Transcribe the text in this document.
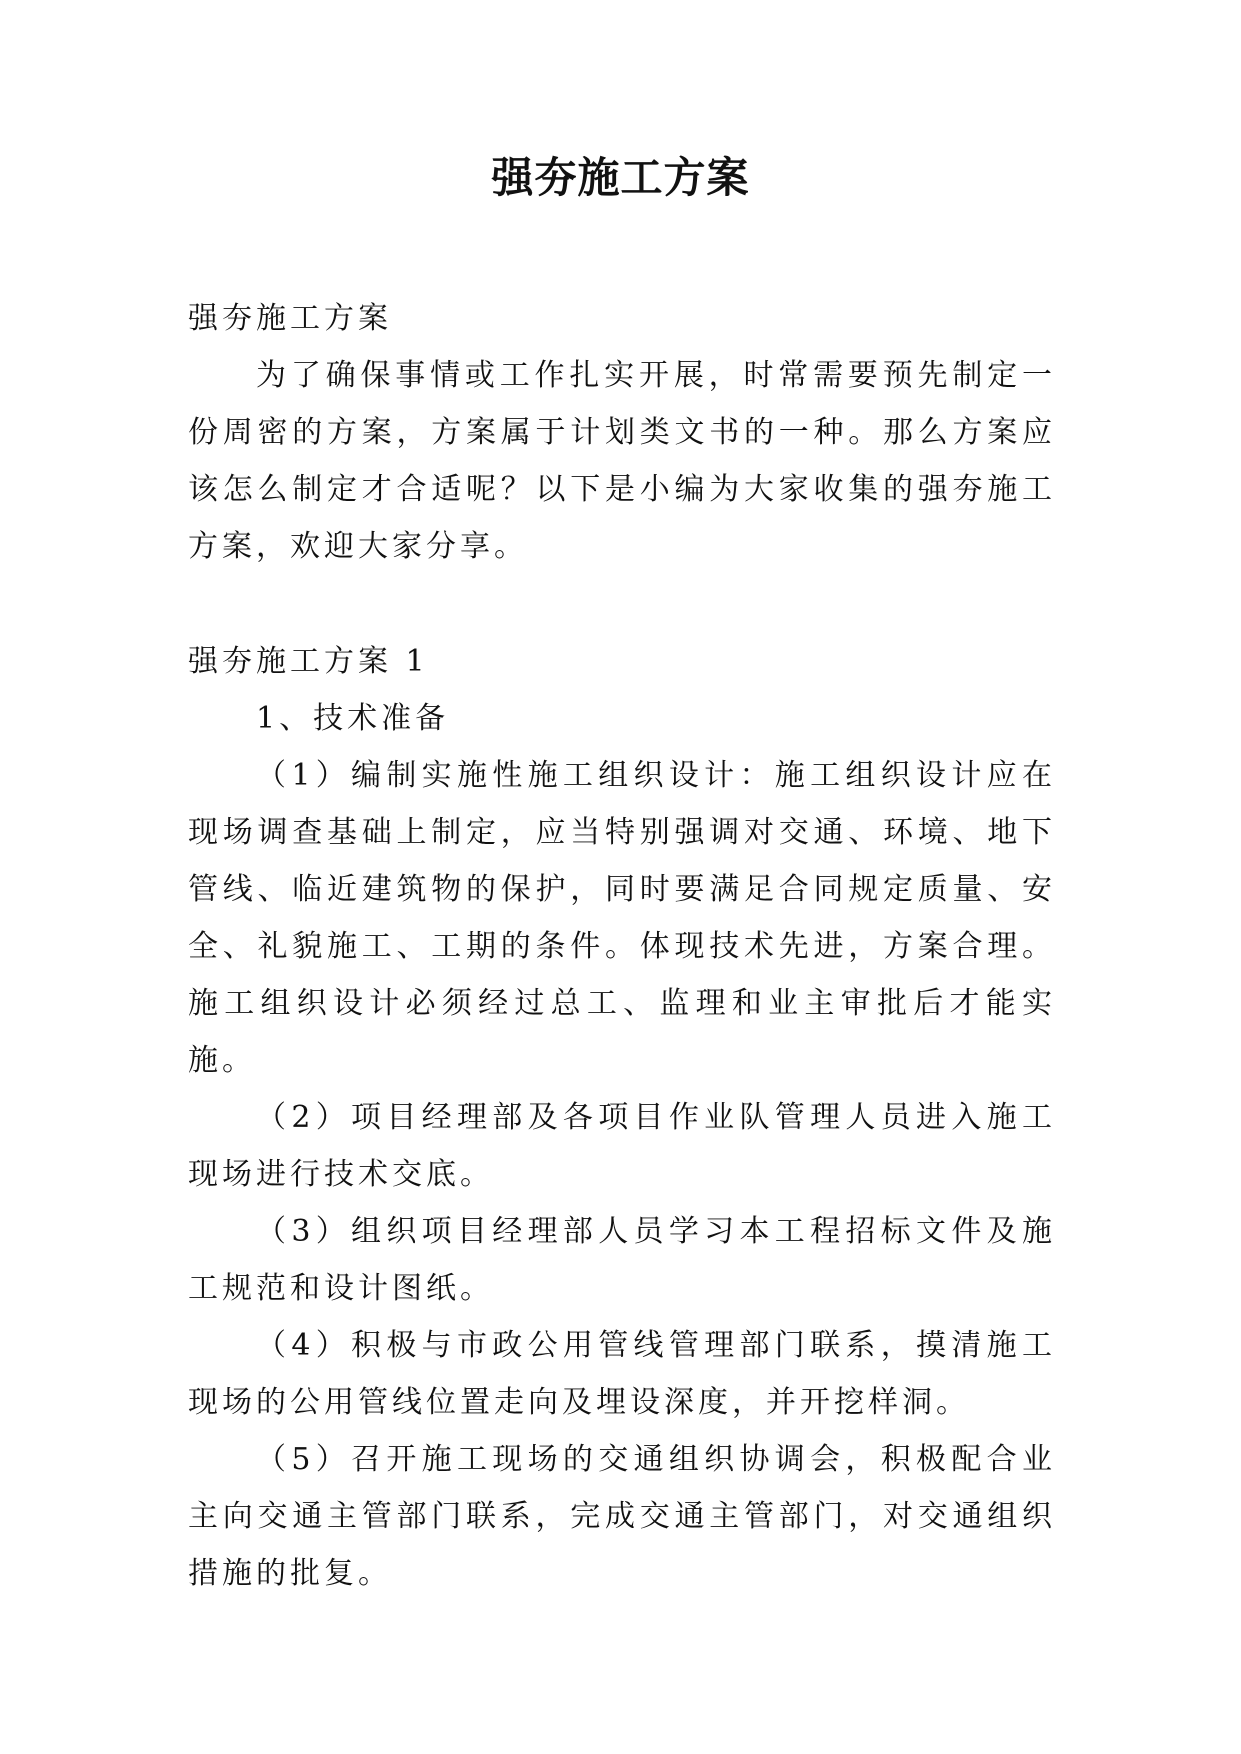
强夯施工方案

强夯施工方案

为了确保事情或工作扎实开展，时常需要预先制定一份周密的方案，方案属于计划类文书的一种。那么方案应该怎么制定才合适呢？以下是小编为大家收集的强夯施工方案，欢迎大家分享。

强夯施工方案 1

1、技术准备

（1）编制实施性施工组织设计：施工组织设计应在现场调查基础上制定，应当特别强调对交通、环境、地下管线、临近建筑物的保护，同时要满足合同规定质量、安全、礼貌施工、工期的条件。体现技术先进，方案合理。施工组织设计必须经过总工、监理和业主审批后才能实施。

（2）项目经理部及各项目作业队管理人员进入施工现场进行技术交底。

（3）组织项目经理部人员学习本工程招标文件及施工规范和设计图纸。

（4）积极与市政公用管线管理部门联系，摸清施工现场的公用管线位置走向及埋设深度，并开挖样洞。

（5）召开施工现场的交通组织协调会，积极配合业主向交通主管部门联系，完成交通主管部门，对交通组织措施的批复。
